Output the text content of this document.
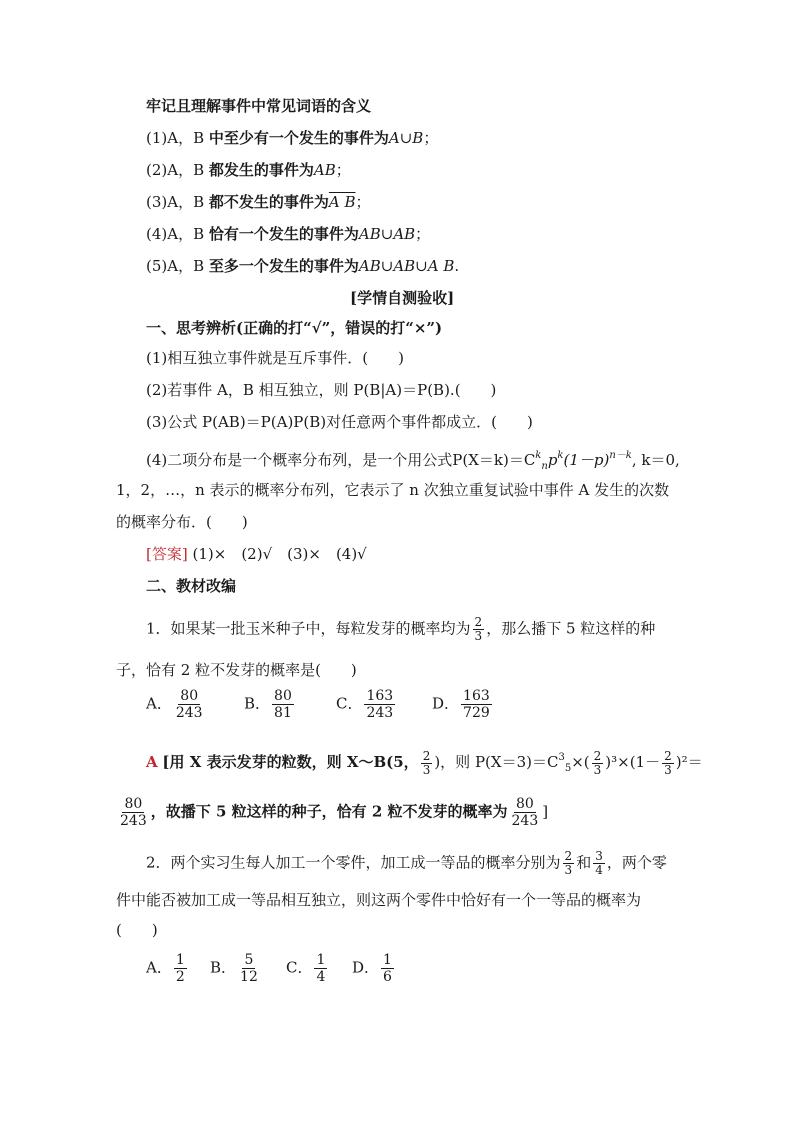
牢记且理解事件中常见词语的含义
(1)A，B 中至少有一个发生的事件为A∪B；
(2)A，B 都发生的事件为AB；
(3)A，B 都不发生的事件为A B；
(4)A，B 恰有一个发生的事件为AB∪AB；
(5)A，B 至多一个发生的事件为AB∪AB∪A B.
[学情自测验收]
一、思考辨析(正确的打“√”，错误的打“×”)
(1)相互独立事件就是互斥事件．(　　)
(2)若事件 A，B 相互独立，则 P(B|A)＝P(B).(　　)
(3)公式 P(AB)＝P(A)P(B)对任意两个事件都成立．(　　)
(4)二项分布是一个概率分布列，是一个用公式$P(X=k)=C^k_np^k(1-p)^{n-k}$, k＝0,
1，2，…，n 表示的概率分布列，它表示了 n 次独立重复试验中事件 A 发生的次数
的概率分布．(　　)
[答案] (1)×　(2)√　(3)×　(4)√
二、教材改编
1．如果某一批玉米种子中，每粒发芽的概率均为 $\frac{2}{3}$ ，那么播下 5 粒这样的种
子，恰有 2 粒不发芽的概率是(　　)
A． $\frac{80}{243}$	B． $\frac{80}{81}$	C． $\frac{163}{243}$ D． $\frac{163}{729}$
A [用 X 表示发芽的粒数，则 X～B(5， $\frac{2}{3}$ )，则 $P(X=3)=C^3_5\times( \frac{2}{3} )^3\times(1- \frac{2}{3} )^2=$
$\frac{80}{243}$ ，故播下 5 粒这样的种子，恰有 2 粒不发芽的概率为 $\frac{80}{243}$ ]
2．两个实习生每人加工一个零件，加工成一等品的概率分别为 $\frac{2}{3}$ 和 $\frac{3}{4}$ ，两个零
件中能否被加工成一等品相互独立，则这两个零件中恰好有一个一等品的概率为
(　　)
A． $\frac{1}{2}$ B． $\frac{5}{12}$ C． $\frac{1}{4}$ D． $\frac{1}{6}$
